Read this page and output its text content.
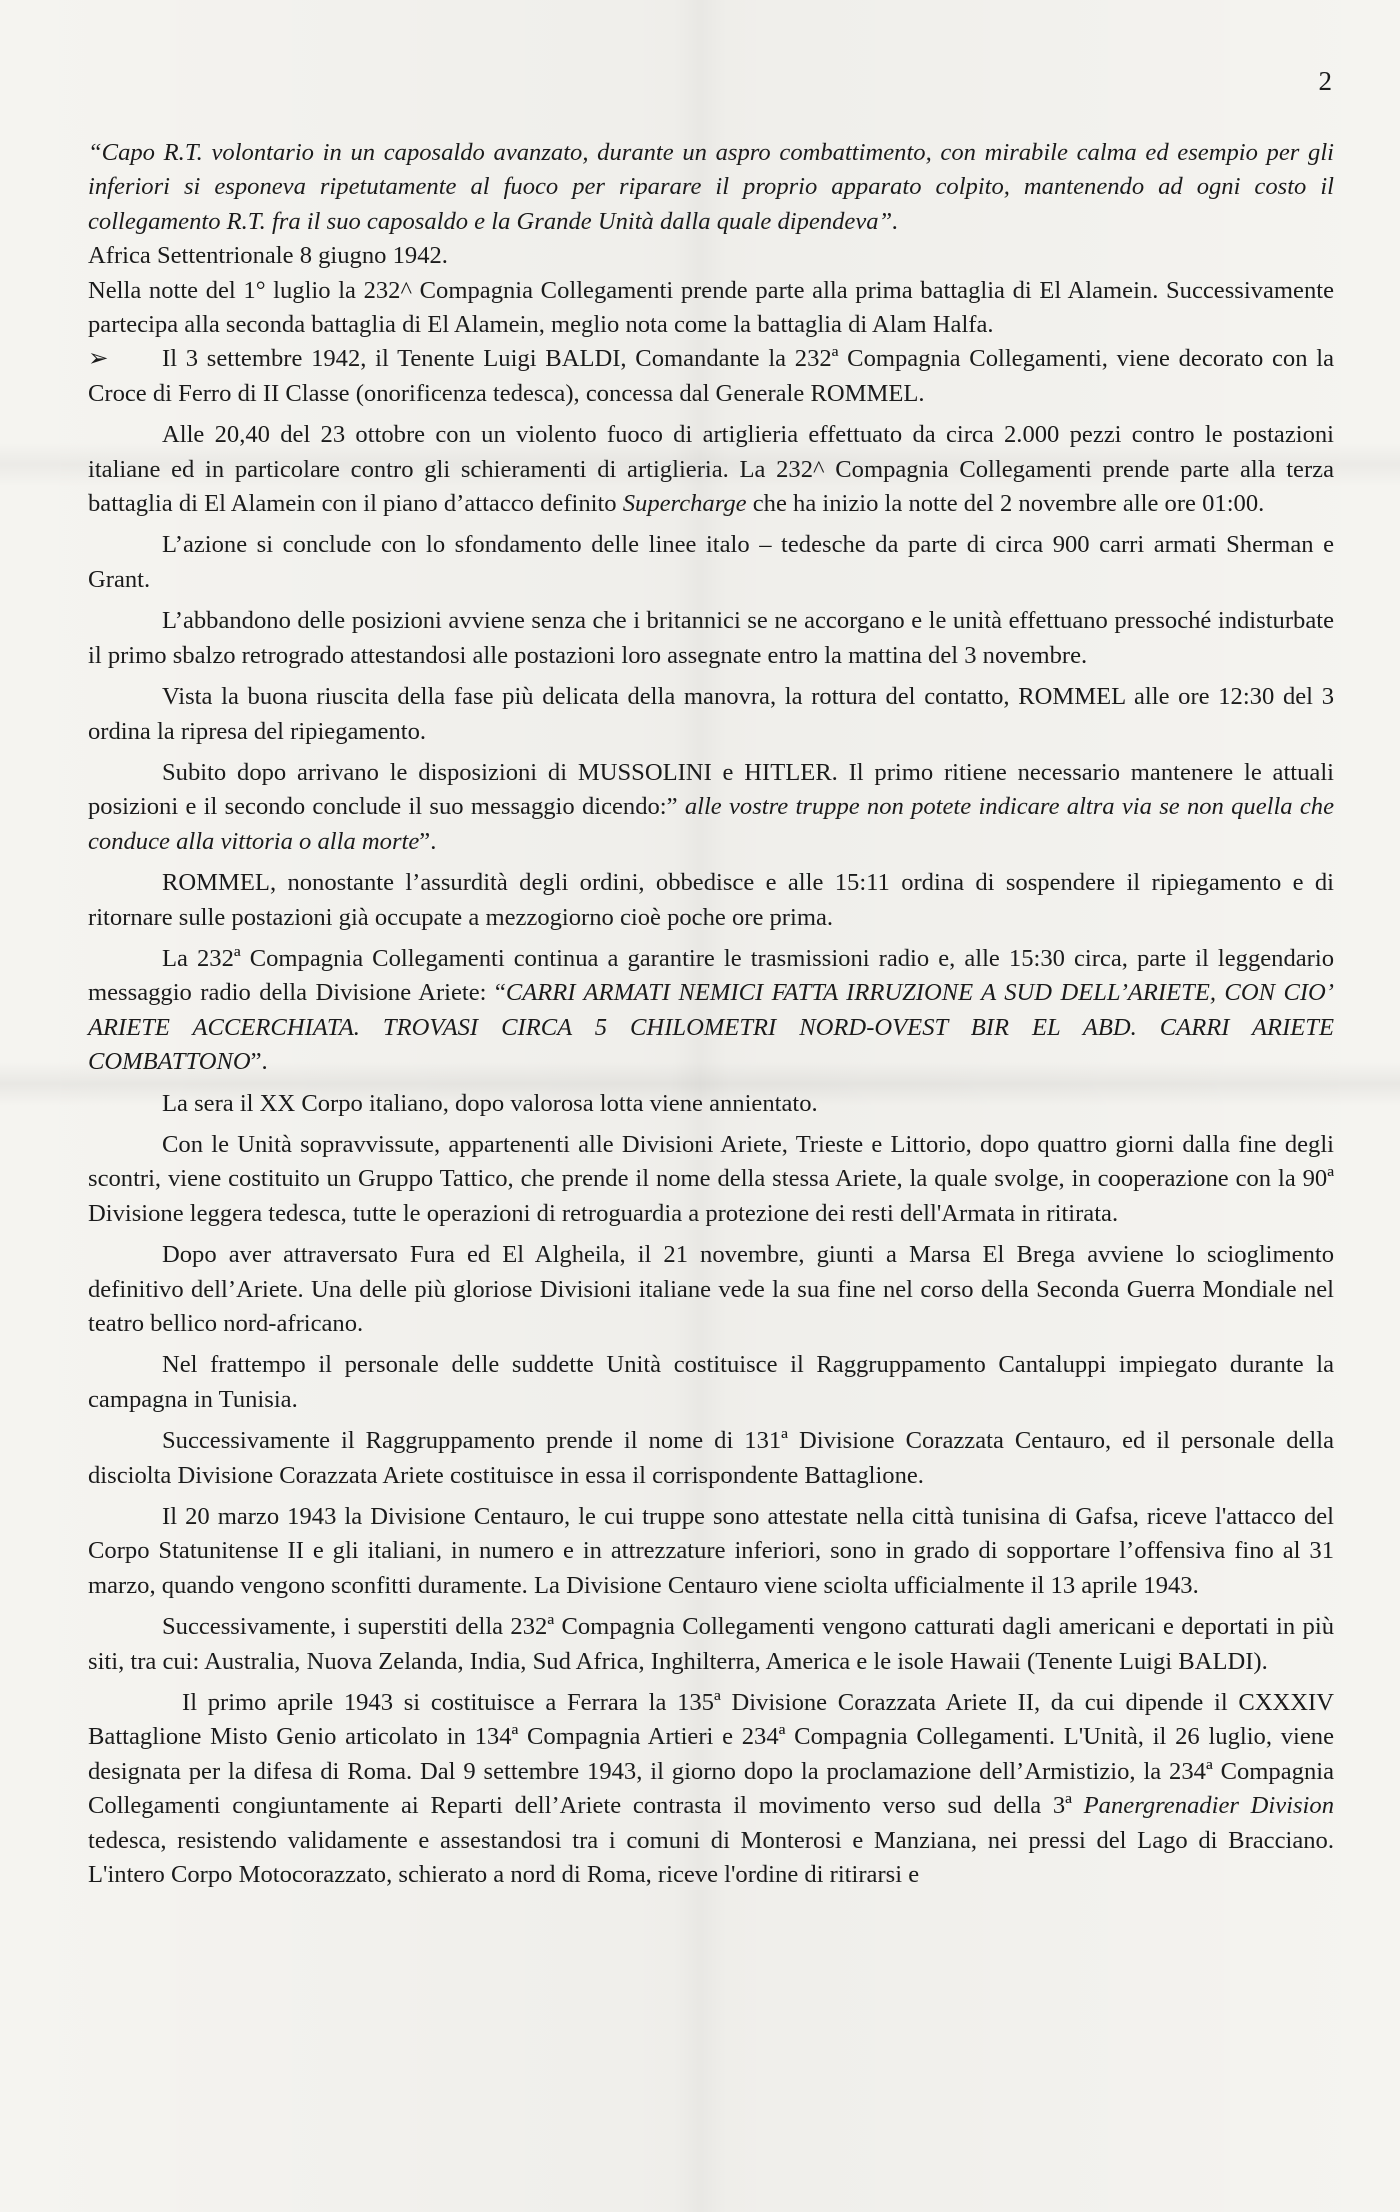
2

“Capo R.T. volontario in un caposaldo avanzato, durante un aspro combattimento, con mirabile calma ed esempio per gli inferiori si esponeva ripetutamente al fuoco per riparare il proprio apparato colpito, mantenendo ad ogni costo il collegamento R.T. fra il suo caposaldo e la Grande Unità dalla quale dipendeva”.

Africa Settentrionale 8 giugno 1942.

Nella notte del 1° luglio la 232^ Compagnia Collegamenti prende parte alla prima battaglia di El Alamein. Successivamente partecipa alla seconda battaglia di El Alamein, meglio nota come la battaglia di Alam Halfa.

➢ Il 3 settembre 1942, il Tenente Luigi BALDI, Comandante la 232ª Compagnia Collegamenti, viene decorato con la Croce di Ferro di II Classe (onorificenza tedesca), concessa dal Generale ROMMEL.

Alle 20,40 del 23 ottobre con un violento fuoco di artiglieria effettuato da circa 2.000 pezzi contro le postazioni italiane ed in particolare contro gli schieramenti di artiglieria. La 232^ Compagnia Collegamenti prende parte alla terza battaglia di El Alamein con il piano d’attacco definito Supercharge che ha inizio la notte del 2 novembre alle ore 01:00.

L’azione si conclude con lo sfondamento delle linee italo – tedesche da parte di circa 900 carri armati Sherman e Grant.

L’abbandono delle posizioni avviene senza che i britannici se ne accorgano e le unità effettuano pressoché indisturbate il primo sbalzo retrogrado attestandosi alle postazioni loro assegnate entro la mattina del 3 novembre.

Vista la buona riuscita della fase più delicata della manovra, la rottura del contatto, ROMMEL alle ore 12:30 del 3 ordina la ripresa del ripiegamento.

Subito dopo arrivano le disposizioni di MUSSOLINI e HITLER. Il primo ritiene necessario mantenere le attuali posizioni e il secondo conclude il suo messaggio dicendo:” alle vostre truppe non potete indicare altra via se non quella che conduce alla vittoria o alla morte”.

ROMMEL, nonostante l’assurdità degli ordini, obbedisce e alle 15:11 ordina di sospendere il ripiegamento e di ritornare sulle postazioni già occupate a mezzogiorno cioè poche ore prima.

La 232ª Compagnia Collegamenti continua a garantire le trasmissioni radio e, alle 15:30 circa, parte il leggendario messaggio radio della Divisione Ariete: “CARRI ARMATI NEMICI FATTA IRRUZIONE A SUD DELL’ARIETE, CON CIO’ ARIETE ACCERCHIATA. TROVASI CIRCA 5 CHILOMETRI NORD-OVEST BIR EL ABD. CARRI ARIETE COMBATTONO”.

La sera il XX Corpo italiano, dopo valorosa lotta viene annientato.

Con le Unità sopravvissute, appartenenti alle Divisioni Ariete, Trieste e Littorio, dopo quattro giorni dalla fine degli scontri, viene costituito un Gruppo Tattico, che prende il nome della stessa Ariete, la quale svolge, in cooperazione con la 90ª Divisione leggera tedesca, tutte le operazioni di retroguardia a protezione dei resti dell'Armata in ritirata.

Dopo aver attraversato Fura ed El Algheila, il 21 novembre, giunti a Marsa El Brega avviene lo scioglimento definitivo dell’Ariete. Una delle più gloriose Divisioni italiane vede la sua fine nel corso della Seconda Guerra Mondiale nel teatro bellico nord-africano.

Nel frattempo il personale delle suddette Unità costituisce il Raggruppamento Cantaluppi impiegato durante la campagna in Tunisia.

Successivamente il Raggruppamento prende il nome di 131ª Divisione Corazzata Centauro, ed il personale della disciolta Divisione Corazzata Ariete costituisce in essa il corrispondente Battaglione.

Il 20 marzo 1943 la Divisione Centauro, le cui truppe sono attestate nella città tunisina di Gafsa, riceve l'attacco del Corpo Statunitense II e gli italiani, in numero e in attrezzature inferiori, sono in grado di sopportare l’offensiva fino al 31 marzo, quando vengono sconfitti duramente. La Divisione Centauro viene sciolta ufficialmente il 13 aprile 1943.

Successivamente, i superstiti della 232ª Compagnia Collegamenti vengono catturati dagli americani e deportati in più siti, tra cui: Australia, Nuova Zelanda, India, Sud Africa, Inghilterra, America e le isole Hawaii (Tenente Luigi BALDI).

Il primo aprile 1943 si costituisce a Ferrara la 135ª Divisione Corazzata Ariete II, da cui dipende il CXXXIV Battaglione Misto Genio articolato in 134ª Compagnia Artieri e 234ª Compagnia Collegamenti. L'Unità, il 26 luglio, viene designata per la difesa di Roma. Dal 9 settembre 1943, il giorno dopo la proclamazione dell’Armistizio, la 234ª Compagnia Collegamenti congiuntamente ai Reparti dell’Ariete contrasta il movimento verso sud della 3ª Panergrenadier Division tedesca, resistendo validamente e assestandosi tra i comuni di Monterosi e Manziana, nei pressi del Lago di Bracciano. L'intero Corpo Motocorazzato, schierato a nord di Roma, riceve l'ordine di ritirarsi e
